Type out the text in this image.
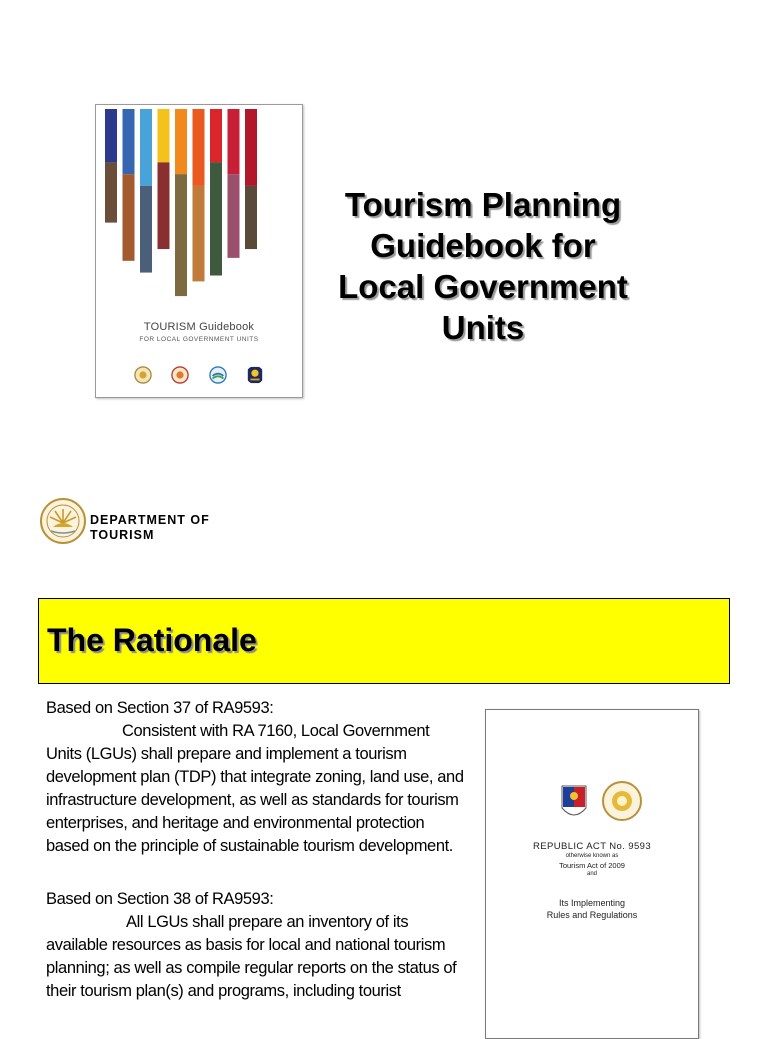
TOURISM Guidebook
FOR LOCAL GOVERNMENT UNITS
Tourism Planning
Guidebook for
Local Government
Units
DEPARTMENT OF
TOURISM
The Rationale

Based on Section 37 of RA9593:

Consistent with RA 7160, Local Government Units (LGUs) shall prepare and implement a tourism development plan (TDP) that integrate zoning, land use, and infrastructure development, as well as standards for tourism enterprises, and heritage and environmental protection based on the principle of sustainable tourism development.

Based on Section 38 of RA9593:

All LGUs shall prepare an inventory of its available resources as basis for local and national tourism planning; as well as compile regular reports on the status of their tourism plan(s) and programs, including tourist

REPUBLIC ACT No. 9593
otherwise known as
Tourism Act of 2009
and
Its Implementing
Rules and Regulations
